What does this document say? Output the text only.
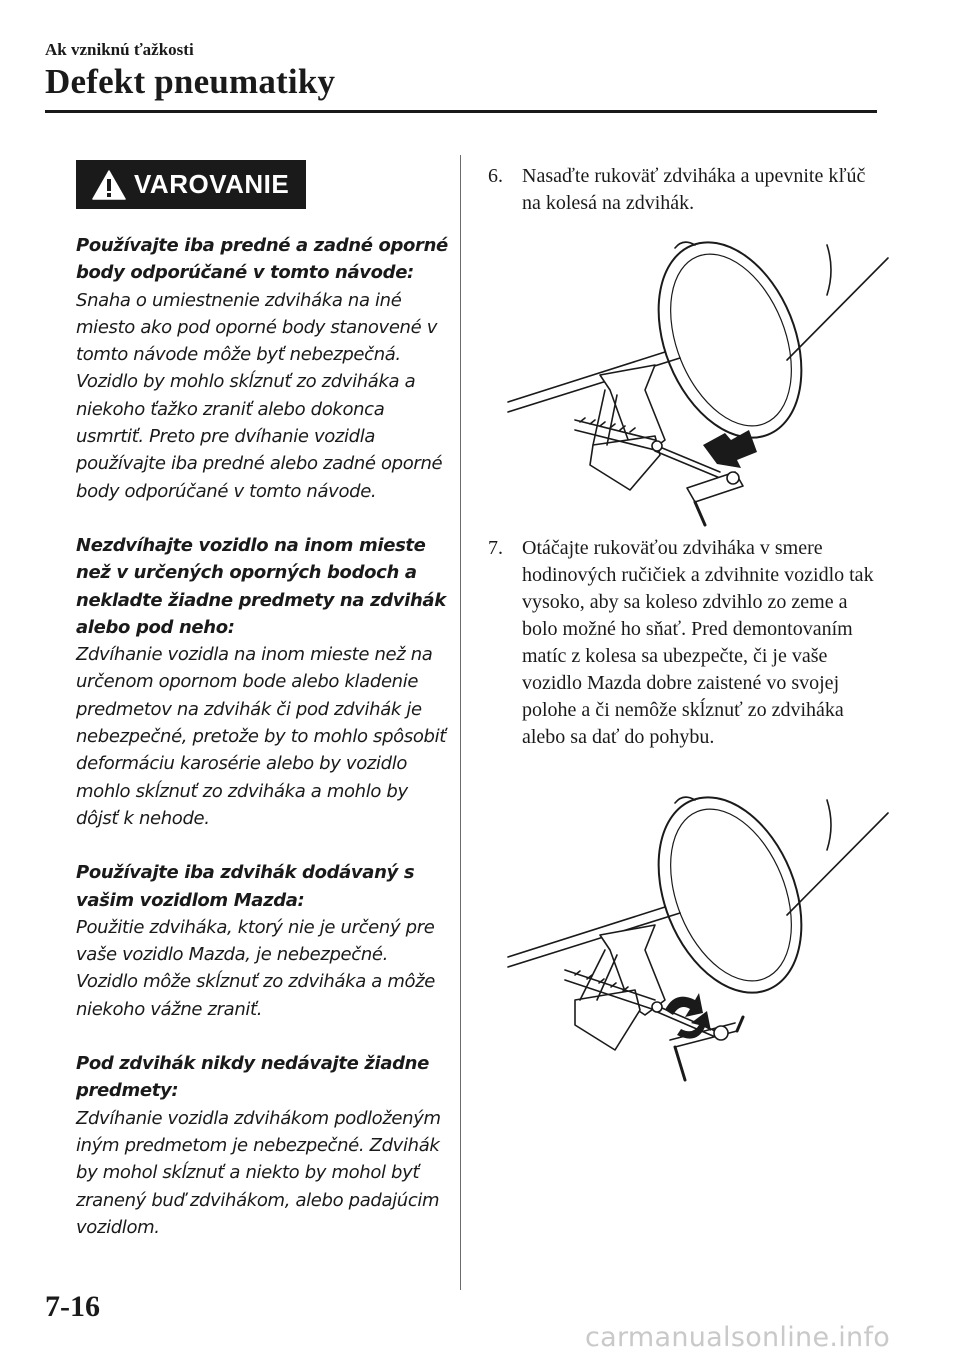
Ak vzniknú ťažkosti
Defekt pneumatiky
VAROVANIE
Používajte iba predné a zadné oporné body odporúčané v tomto návode:
Snaha o umiestnenie zdviháka na iné miesto ako pod oporné body stanovené v tomto návode môže byť nebezpečná. Vozidlo by mohlo skĺznuť zo zdviháka a niekoho ťažko zraniť alebo dokonca usmrtiť. Preto pre dvíhanie vozidla používajte iba predné alebo zadné oporné body odporúčané v tomto návode.
Nezdvíhajte vozidlo na inom mieste než v určených oporných bodoch a nekladte žiadne predmety na zdvihák alebo pod neho:
Zdvíhanie vozidla na inom mieste než na určenom opornom bode alebo kladenie predmetov na zdvihák či pod zdvihák je nebezpečné, pretože by to mohlo spôsobiť deformáciu karosérie alebo by vozidlo mohlo skĺznuť zo zdviháka a mohlo by dôjsť k nehode.
Používajte iba zdvihák dodávaný s vašim vozidlom Mazda:
Použitie zdviháka, ktorý nie je určený pre vaše vozidlo Mazda, je nebezpečné. Vozidlo môže skĺznuť zo zdviháka a môže niekoho vážne zraniť.
Pod zdvihák nikdy nedávajte žiadne predmety:
Zdvíhanie vozidla zdvihákom podloženým iným predmetom je nebezpečné. Zdvihák by mohol skĺznuť a niekto by mohol byť zranený buď zdvihákom, alebo padajúcim vozidlom.
6. Nasaďte rukoväť zdviháka a upevnite kľúč na kolesá na zdvihák.
7. Otáčajte rukoväťou zdviháka v smere hodinových ručičiek a zdvihnite vozidlo tak vysoko, aby sa koleso zdvihlo zo zeme a bolo možné ho sňať. Pred demontovaním matíc z kolesa sa ubezpečte, či je vaše vozidlo Mazda dobre zaistené vo svojej polohe a či nemôže skĺznuť zo zdviháka alebo sa dať do pohybu.
7-16
carmanualsonline.info
